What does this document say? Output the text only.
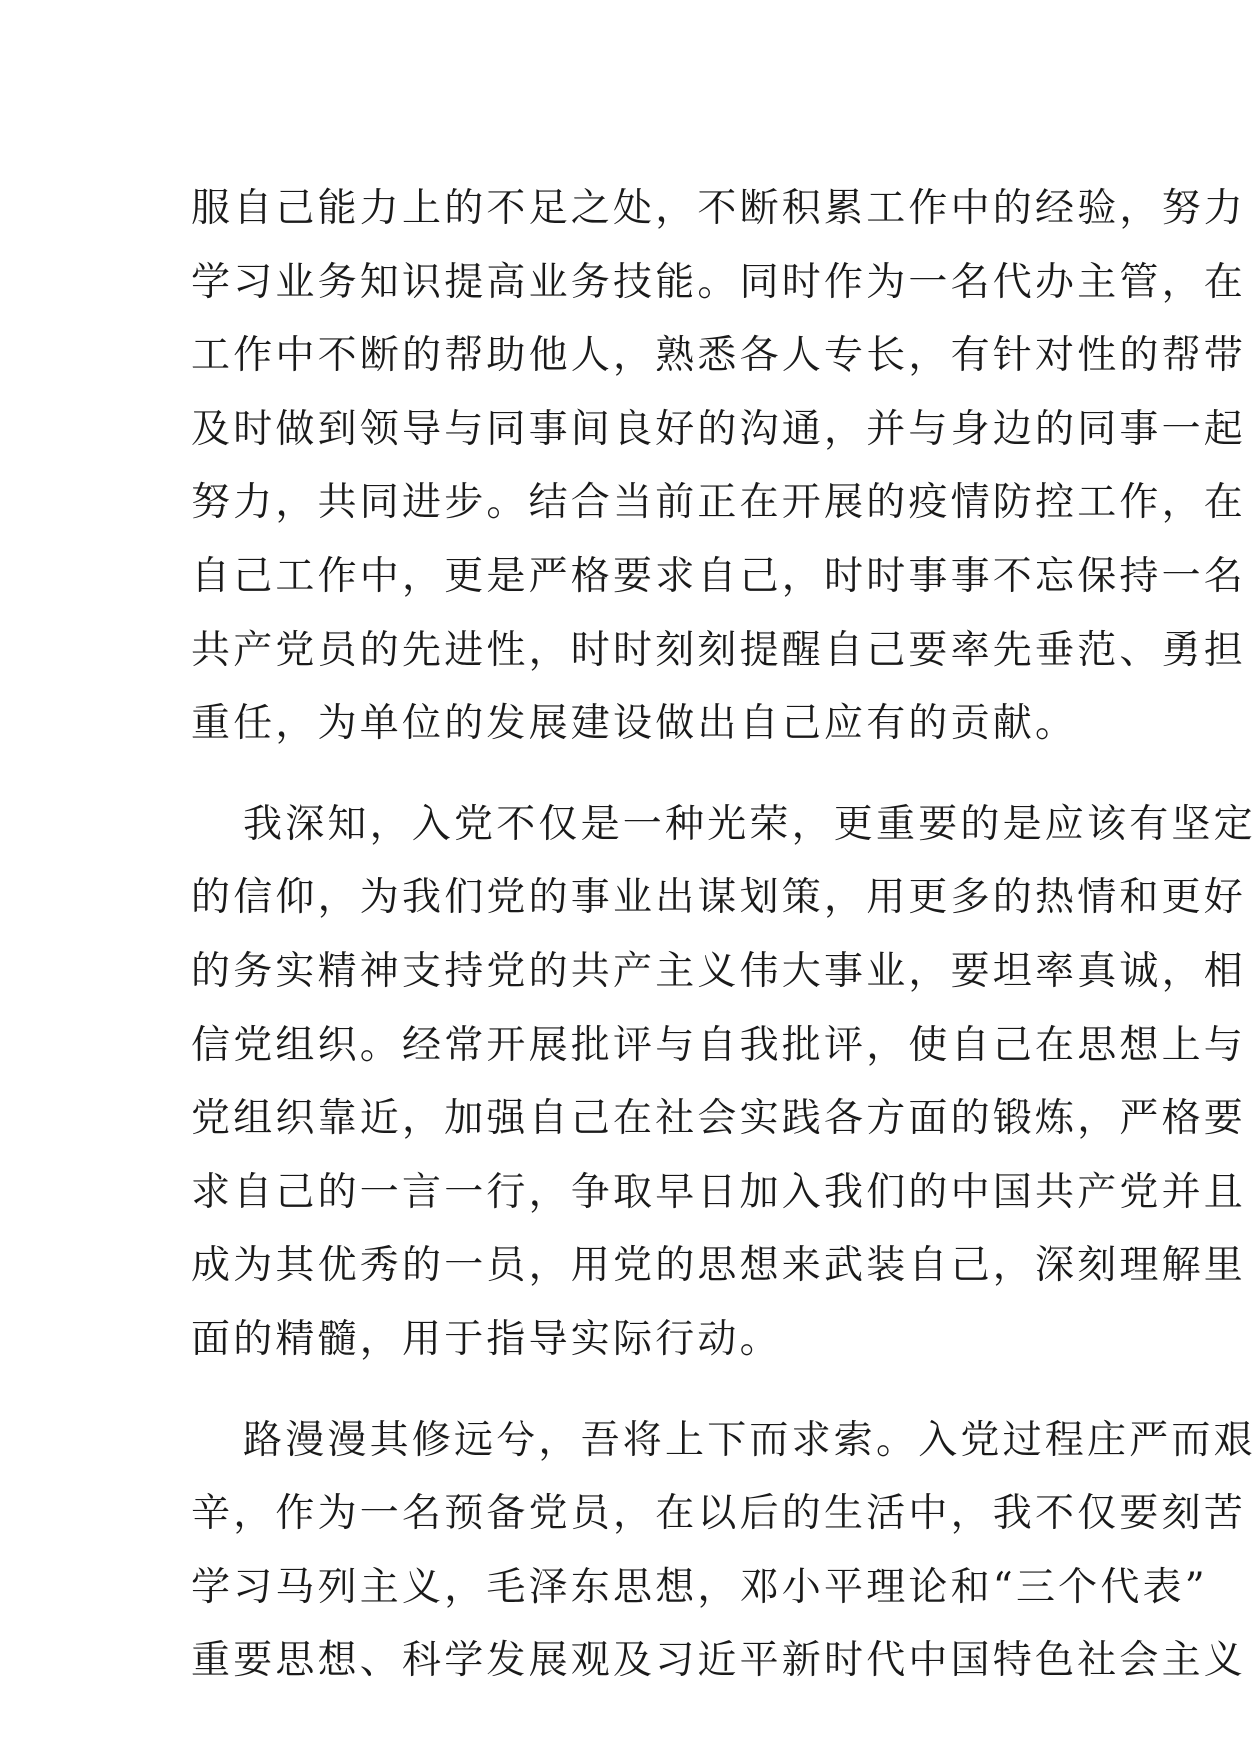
服自己能力上的不足之处，不断积累工作中的经验，努力
学习业务知识提高业务技能。同时作为一名代办主管，在
工作中不断的帮助他人，熟悉各人专长，有针对性的帮带
及时做到领导与同事间良好的沟通，并与身边的同事一起
努力，共同进步。结合当前正在开展的疫情防控工作，在
自己工作中，更是严格要求自己，时时事事不忘保持一名
共产党员的先进性，时时刻刻提醒自己要率先垂范、勇担
重任，为单位的发展建设做出自己应有的贡献。
我深知，入党不仅是一种光荣，更重要的是应该有坚定
的信仰，为我们党的事业出谋划策，用更多的热情和更好
的务实精神支持党的共产主义伟大事业，要坦率真诚，相
信党组织。经常开展批评与自我批评，使自己在思想上与
党组织靠近，加强自己在社会实践各方面的锻炼，严格要
求自己的一言一行，争取早日加入我们的中国共产党并且
成为其优秀的一员，用党的思想来武装自己，深刻理解里
面的精髓，用于指导实际行动。
路漫漫其修远兮，吾将上下而求索。入党过程庄严而艰
辛，作为一名预备党员，在以后的生活中，我不仅要刻苦
学习马列主义，毛泽东思想，邓小平理论和“三个代表”
重要思想、科学发展观及习近平新时代中国特色社会主义
